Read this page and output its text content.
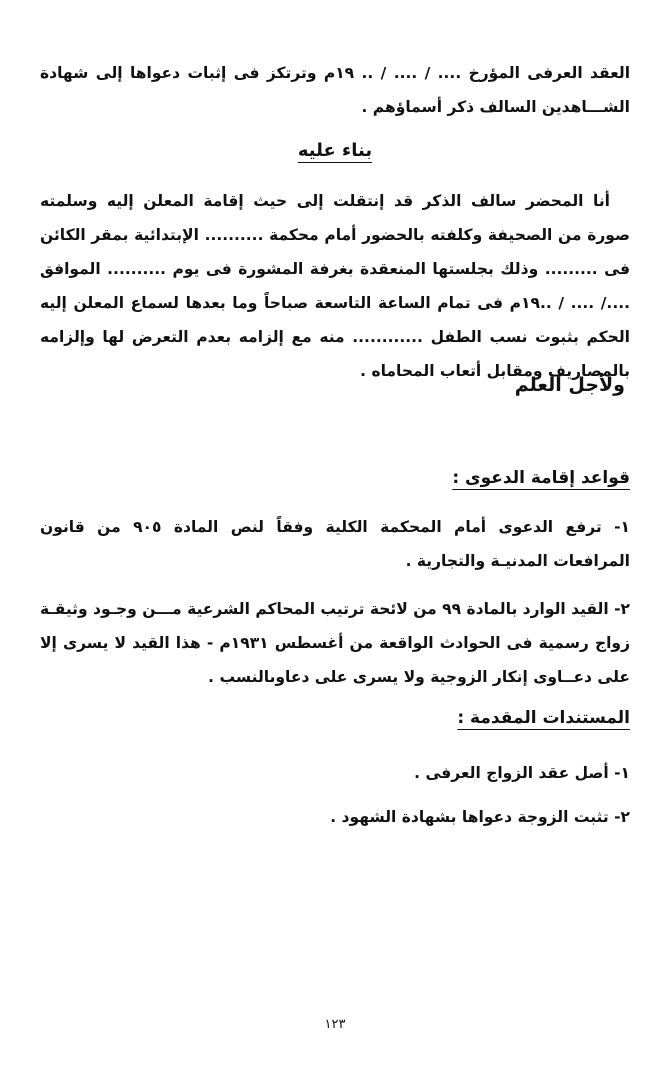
العقد العرفى المؤرخ .... / .... / .. ١٩م وترتكز فى إثبات دعواها إلى شهادة الشـــاهدين السالف ذكر أسماؤهم .
بناء عليه
أنا المحضر سالف الذكر قد إنتقلت إلى حيث إقامة المعلن إليه وسلمته صورة من الصحيفة وكلفته بالحضور أمام محكمة .......... الإبتدائية بمقر الكائن فى ......... وذلك بجلستها المنعقدة بغرفة المشورة فى يوم .......... الموافق ..../ .... / ..١٩م فى تمام الساعة التاسعة صباحاً وما بعدها لسماع المعلن إليه الحكم بثبوت نسب الطفل ............ منه مع إلزامه بعدم التعرض لها وإلزامه بالمصاريف ومقابل أتعاب المحاماه .
ولأجل العلم
قواعد إقامة الدعوى :
١- ترفع الدعوى أمام المحكمة الكلية وفقاً لنص المادة ٩٠٥ من قانون المرافعات المدنيـة والتجارية .
٢- القيد الوارد بالمادة ٩٩ من لائحة ترتيب المحاكم الشرعية مـــن وجـود وثيقـة زواج رسمية فى الحوادث الواقعة من أغسطس ١٩٣١م - هذا القيد لا يسرى إلا على دعــاوى إنكار الزوجية ولا يسرى على دعاوىالنسب .
المستندات المقدمة :
١- أصل عقد الزواج العرفى .
٢- تثبت الزوجة دعواها بشهادة الشهود .
١٢٣
